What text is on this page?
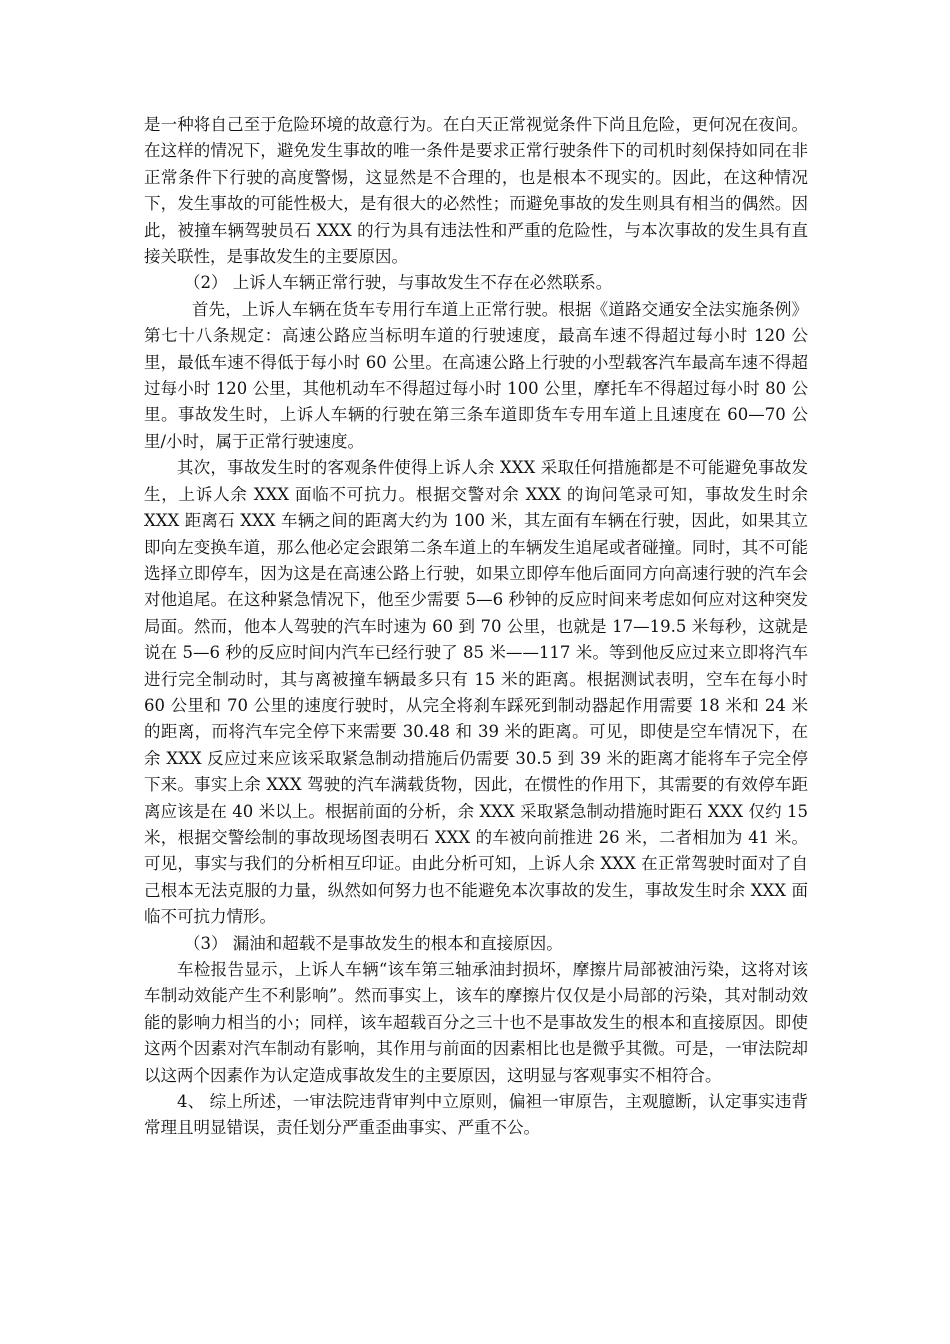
是一种将自己至于危险环境的故意行为。在白天正常视觉条件下尚且危险，更何况在夜间。在这样的情况下，避免发生事故的唯一条件是要求正常行驶条件下的司机时刻保持如同在非正常条件下行驶的高度警惕，这显然是不合理的，也是根本不现实的。因此，在这种情况下，发生事故的可能性极大，是有很大的必然性；而避免事故的发生则具有相当的偶然。因此，被撞车辆驾驶员石 XXX 的行为具有违法性和严重的危险性，与本次事故的发生具有直接关联性，是事故发生的主要原因。

（2） 上诉人车辆正常行驶，与事故发生不存在必然联系。

首先，上诉人车辆在货车专用行车道上正常行驶。根据《道路交通安全法实施条例》第七十八条规定：高速公路应当标明车道的行驶速度，最高车速不得超过每小时 120 公里，最低车速不得低于每小时 60 公里。在高速公路上行驶的小型载客汽车最高车速不得超过每小时 120 公里，其他机动车不得超过每小时 100 公里，摩托车不得超过每小时 80 公里。事故发生时，上诉人车辆的行驶在第三条车道即货车专用车道上且速度在 60—70 公里/小时，属于正常行驶速度。

其次，事故发生时的客观条件使得上诉人余 XXX 采取任何措施都是不可能避免事故发生，上诉人余 XXX 面临不可抗力。根据交警对余 XXX 的询问笔录可知，事故发生时余 XXX 距离石 XXX 车辆之间的距离大约为 100 米，其左面有车辆在行驶，因此，如果其立即向左变换车道，那么他必定会跟第二条车道上的车辆发生追尾或者碰撞。同时，其不可能选择立即停车，因为这是在高速公路上行驶，如果立即停车他后面同方向高速行驶的汽车会对他追尾。在这种紧急情况下，他至少需要 5—6 秒钟的反应时间来考虑如何应对这种突发局面。然而，他本人驾驶的汽车时速为 60 到 70 公里，也就是 17—19.5 米每秒，这就是说在 5—6 秒的反应时间内汽车已经行驶了 85 米——117 米。等到他反应过来立即将汽车进行完全制动时，其与离被撞车辆最多只有 15 米的距离。根据测试表明，空车在每小时 60 公里和 70 公里的速度行驶时，从完全将刹车踩死到制动器起作用需要 18 米和 24 米的距离，而将汽车完全停下来需要 30.48 和 39 米的距离。可见，即使是空车情况下，在余 XXX 反应过来应该采取紧急制动措施后仍需要 30.5 到 39 米的距离才能将车子完全停下来。事实上余 XXX 驾驶的汽车满载货物，因此，在惯性的作用下，其需要的有效停车距离应该是在 40 米以上。根据前面的分析，余 XXX 采取紧急制动措施时距石 XXX 仅约 15 米，根据交警绘制的事故现场图表明石 XXX 的车被向前推进 26 米，二者相加为 41 米。可见，事实与我们的分析相互印证。由此分析可知，上诉人余 XXX 在正常驾驶时面对了自己根本无法克服的力量，纵然如何努力也不能避免本次事故的发生，事故发生时余 XXX 面临不可抗力情形。

（3） 漏油和超载不是事故发生的根本和直接原因。

车检报告显示，上诉人车辆“该车第三轴承油封损坏，摩擦片局部被油污染，这将对该车制动效能产生不利影响”。然而事实上，该车的摩擦片仅仅是小局部的污染，其对制动效能的影响力相当的小；同样，该车超载百分之三十也不是事故发生的根本和直接原因。即使这两个因素对汽车制动有影响，其作用与前面的因素相比也是微乎其微。可是，一审法院却以这两个因素作为认定造成事故发生的主要原因，这明显与客观事实不相符合。

4、 综上所述，一审法院违背审判中立原则，偏袒一审原告，主观臆断，认定事实违背常理且明显错误，责任划分严重歪曲事实、严重不公。
